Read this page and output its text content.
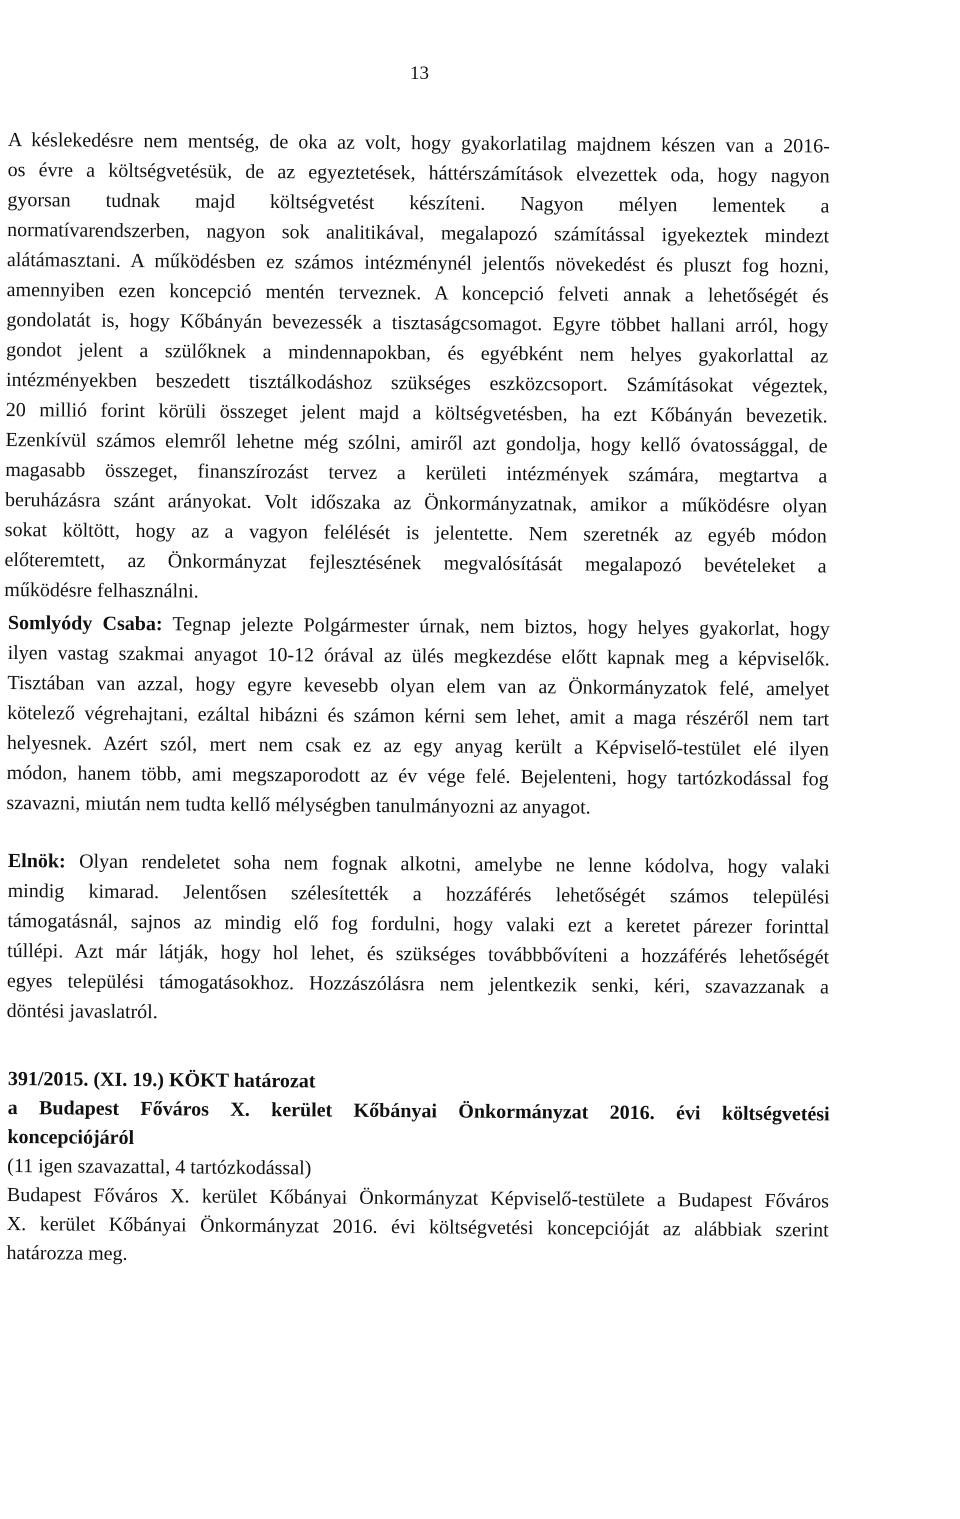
13
A késlekedésre nem mentség, de oka az volt, hogy gyakorlatilag majdnem készen van a 2016-
os évre a költségvetésük, de az egyeztetések, háttérszámítások elvezettek oda, hogy nagyon
gyorsan tudnak majd költségvetést készíteni. Nagyon mélyen lementek a
normatívarendszerben, nagyon sok analitikával, megalapozó számítással igyekeztek mindezt
alátámasztani. A működésben ez számos intézménynél jelentős növekedést és pluszt fog hozni,
amennyiben ezen koncepció mentén terveznek. A koncepció felveti annak a lehetőségét és
gondolatát is, hogy Kőbányán bevezessék a tisztaságcsomagot. Egyre többet hallani arról, hogy
gondot jelent a szülőknek a mindennapokban, és egyébként nem helyes gyakorlattal az
intézményekben beszedett tisztálkodáshoz szükséges eszközcsoport. Számításokat végeztek,
20 millió forint körüli összeget jelent majd a költségvetésben, ha ezt Kőbányán bevezetik.
Ezenkívül számos elemről lehetne még szólni, amiről azt gondolja, hogy kellő óvatossággal, de
magasabb összeget, finanszírozást tervez a kerületi intézmények számára, megtartva a
beruházásra szánt arányokat. Volt időszaka az Önkormányzatnak, amikor a működésre olyan
sokat költött, hogy az a vagyon felélését is jelentette. Nem szeretnék az egyéb módon
előteremtett, az Önkormányzat fejlesztésének megvalósítását megalapozó bevételeket a
működésre felhasználni.
Somlyódy Csaba: Tegnap jelezte Polgármester úrnak, nem biztos, hogy helyes gyakorlat, hogy
ilyen vastag szakmai anyagot 10-12 órával az ülés megkezdése előtt kapnak meg a képviselők.
Tisztában van azzal, hogy egyre kevesebb olyan elem van az Önkormányzatok felé, amelyet
kötelező végrehajtani, ezáltal hibázni és számon kérni sem lehet, amit a maga részéről nem tart
helyesnek. Azért szól, mert nem csak ez az egy anyag került a Képviselő-testület elé ilyen
módon, hanem több, ami megszaporodott az év vége felé. Bejelenteni, hogy tartózkodással fog
szavazni, miután nem tudta kellő mélységben tanulmányozni az anyagot.
Elnök: Olyan rendeletet soha nem fognak alkotni, amelybe ne lenne kódolva, hogy valaki
mindig kimarad. Jelentősen szélesítették a hozzáférés lehetőségét számos települési
támogatásnál, sajnos az mindig elő fog fordulni, hogy valaki ezt a keretet párezer forinttal
túllépi. Azt már látják, hogy hol lehet, és szükséges továbbbővíteni a hozzáférés lehetőségét
egyes települési támogatásokhoz. Hozzászólásra nem jelentkezik senki, kéri, szavazzanak a
döntési javaslatról.
391/2015. (XI. 19.) KÖKT határozat
a Budapest Főváros X. kerület Kőbányai Önkormányzat 2016. évi költségvetési
koncepciójáról
(11 igen szavazattal, 4 tartózkodással)
Budapest Főváros X. kerület Kőbányai Önkormányzat Képviselő-testülete a Budapest Főváros
X. kerület Kőbányai Önkormányzat 2016. évi költségvetési koncepcióját az alábbiak szerint
határozza meg.
